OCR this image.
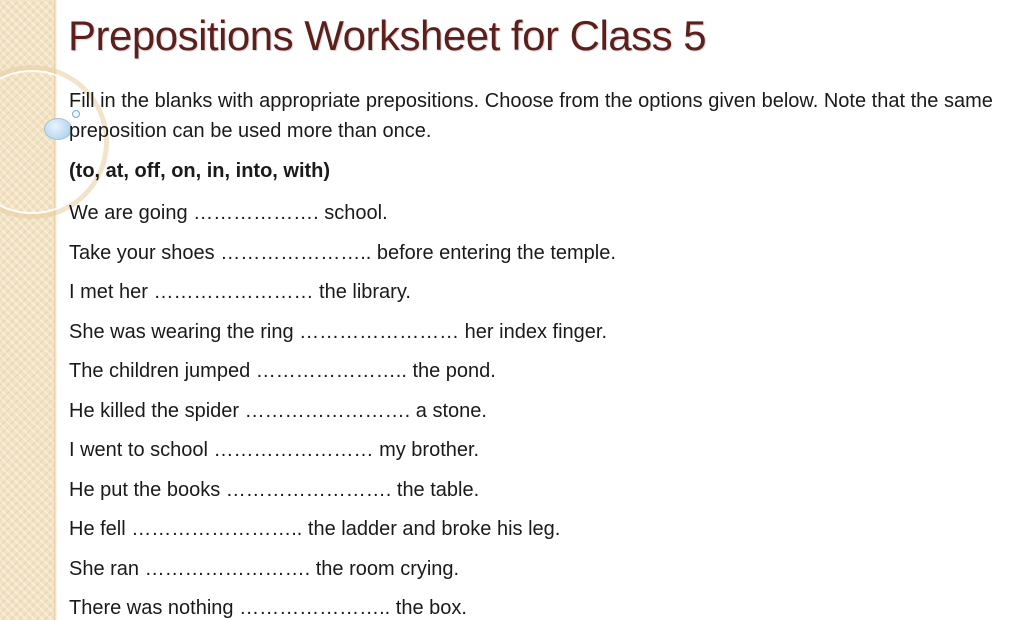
Prepositions Worksheet for Class 5

Fill in the blanks with appropriate prepositions. Choose from the options given below. Note that the same preposition can be used more than once.

(to, at, off, on, in, into, with)

We are going ………………. school.
Take your shoes ………………….. before entering the temple.
I met her …………………… the library.
She was wearing the ring …………………… her index finger.
The children jumped ………………….. the pond.
He killed the spider ……………………. a stone.
I went to school …………………… my brother.
He put the books ……………………. the table.
He fell …………………….. the ladder and broke his leg.
She ran ……………………. the room crying.
There was nothing ………………….. the box.
